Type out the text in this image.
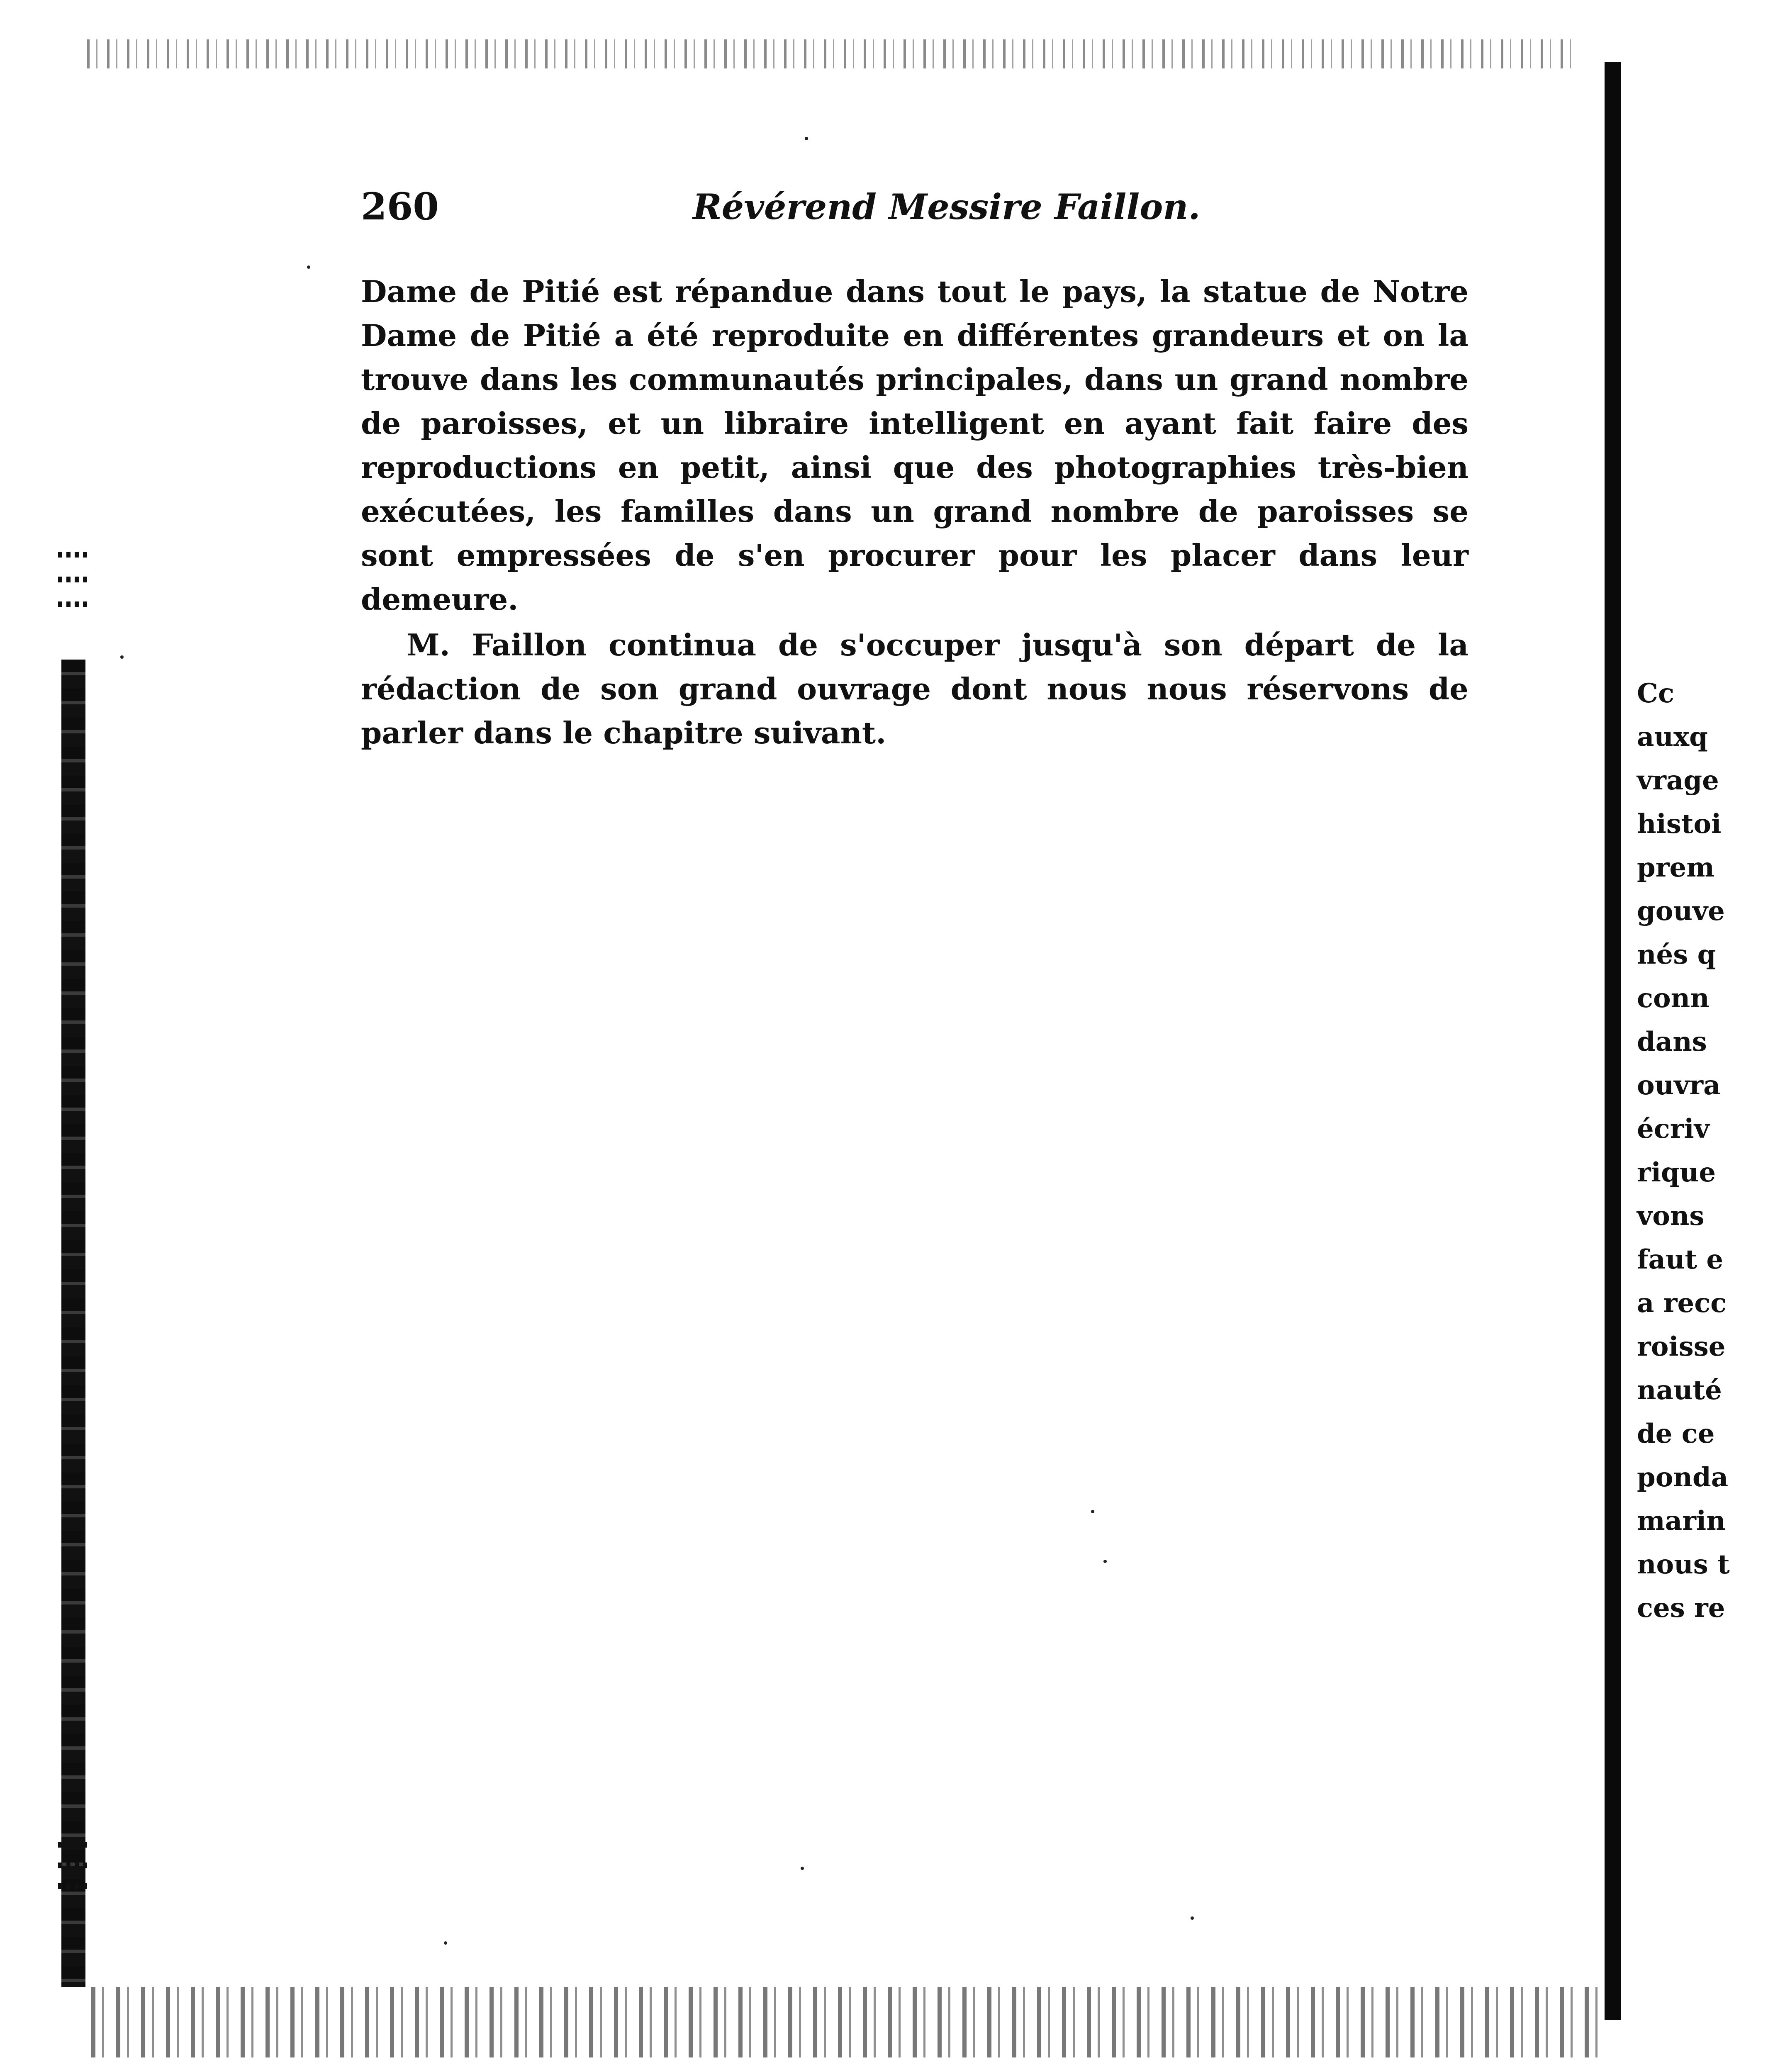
260	Révérend Messire Faillon.

Dame de Pitié est répandue dans tout le pays, la statue de Notre Dame de Pitié a été reproduite en différentes grandeurs et on la trouve dans les communautés principales, dans un grand nombre de paroisses, et un libraire intelligent en ayant fait faire des reproductions en petit, ainsi que des photographies très-bien exécutées, les familles dans un grand nombre de paroisses se sont empressées de s'en procurer pour les placer dans leur demeure.

M. Faillon continua de s'occuper jusqu'à son départ de la rédaction de son grand ouvrage dont nous nous réservons de parler dans le chapitre suivant.

Cc
auxq
vrage
histoi
prem
gouve
nés q
conn
dans
ouvra
écriv
rique
vons
faut e
a recc
roisse
nauté
de ce
ponda
marin
nous t
ces re
